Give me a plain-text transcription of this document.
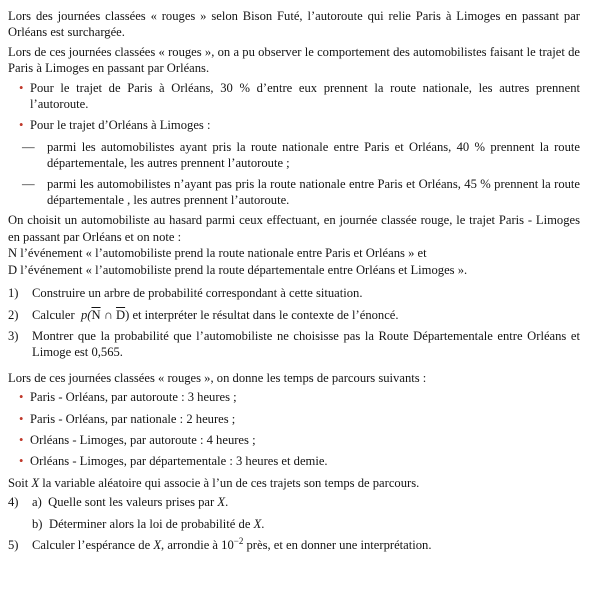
Lors des journées classées « rouges » selon Bison Futé, l’autoroute qui relie Paris à Limoges en passant par Orléans est surchargée.

Lors de ces journées classées « rouges », on a pu observer le comportement des automobilistes faisant le trajet de Paris à Limoges en passant par Orléans.

• Pour le trajet de Paris à Orléans, 30 % d’entre eux prennent la route nationale, les autres prennent l’autoroute.

• Pour le trajet d’Orléans à Limoges :

— parmi les automobilistes ayant pris la route nationale entre Paris et Orléans, 40 % prennent la route départementale, les autres prennent l’autoroute ;

— parmi les automobilistes n’ayant pas pris la route nationale entre Paris et Orléans, 45 % prennent la route départementale , les autres prennent l’autoroute.

On choisit un automobiliste au hasard parmi ceux effectuant, en journée classée rouge, le trajet Paris - Limoges en passant par Orléans et on note :

N l’événement « l’automobiliste prend la route nationale entre Paris et Orléans » et

D l’événement « l’automobiliste prend la route départementale entre Orléans et Limoges ».

1) Construire un arbre de probabilité correspondant à cette situation.

2) Calculer $p(\overline{N}$ ∩ $\overline{D}$) et interpréter le résultat dans le contexte de l’énoncé.

3) Montrer que la probabilité que l’automobiliste ne choisisse pas la Route Départementale entre Orléans et Limoge est 0,565.

Lors de ces journées classées « rouges », on donne les temps de parcours suivants :

• Paris - Orléans, par autoroute : 3 heures ;

• Paris - Orléans, par nationale : 2 heures ;

• Orléans - Limoges, par autoroute : 4 heures ;

• Orléans - Limoges, par départementale : 3 heures et demie.

Soit X la variable aléatoire qui associe à l’un de ces trajets son temps de parcours.

4) a) Quelle sont les valeurs prises par X.

b) Déterminer alors la loi de probabilité de X.

5) Calculer l’espérance de X, arrondie à $10^{-2}$ près, et en donner une interprétation.
